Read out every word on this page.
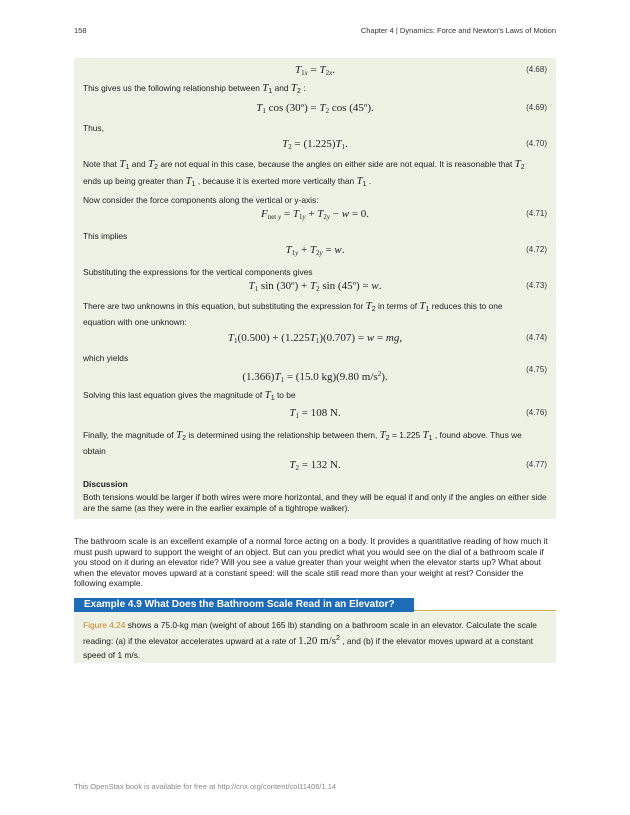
158	Chapter 4 | Dynamics: Force and Newton's Laws of Motion
$T_{1x} = T_{2x}$.	(4.68)
This gives us the following relationship between $T_1$ and $T_2$ :
$T_1$ cos (30º) = $T_2$ cos (45º).	(4.69)
Thus,
$T_2 = (1.225)T_1$.	(4.70)
Note that $T_1$ and $T_2$ are not equal in this case, because the angles on either side are not equal. It is reasonable that $T_2$
ends up being greater than $T_1$ , because it is exerted more vertically than $T_1$ .
Now consider the force components along the vertical or y-axis:
$F_{net y} = T_{1y} + T_{2y} - w = 0$.	(4.71)
This implies
$T_{1y} + T_{2y} = w$.	(4.72)
Substituting the expressions for the vertical components gives
$T_1$ sin (30º) + $T_2$ sin (45º) = w.	(4.73)
There are two unknowns in this equation, but substituting the expression for $T_2$ in terms of $T_1$ reduces this to one
equation with one unknown:
$T_1(0.500) + (1.225T_1)(0.707) = w$ = mg,	(4.74)
which yields
$(1.366)T_1 = (15.0$ kg)(9.80 $m/s^2$).
(4.75)
Solving this last equation gives the magnitude of $T_1$ to be
$T_1 = 108$ N.	(4.76)
Finally, the magnitude of $T_2$ is determined using the relationship between them, $T_2 = 1.225$ $T_1$ , found above. Thus we
obtain
$T_2 = 132$ N.	(4.77)
Discussion
Both tensions would be larger if both wires were more horizontal, and they will be equal if and only if the angles on either side are the same (as they were in the earlier example of a tightrope walker).
The bathroom scale is an excellent example of a normal force acting on a body. It provides a quantitative reading of how much it must push upward to support the weight of an object. But can you predict what you would see on the dial of a bathroom scale if you stood on it during an elevator ride? Will you see a value greater than your weight when the elevator starts up? What about when the elevator moves upward at a constant speed: will the scale still read more than your weight at rest? Consider the following example.
Example 4.9 What Does the Bathroom Scale Read in an Elevator?
Figure 4.24 shows a 75.0-kg man (weight of about 165 lb) standing on a bathroom scale in an elevator. Calculate the scale
reading: (a) if the elevator accelerates upward at a rate of 1.20 $m/s^2$ , and (b) if the elevator moves upward at a constant
speed of 1 m/s.
This OpenStax book is available for free at http://cnx.org/content/col11406/1.14
